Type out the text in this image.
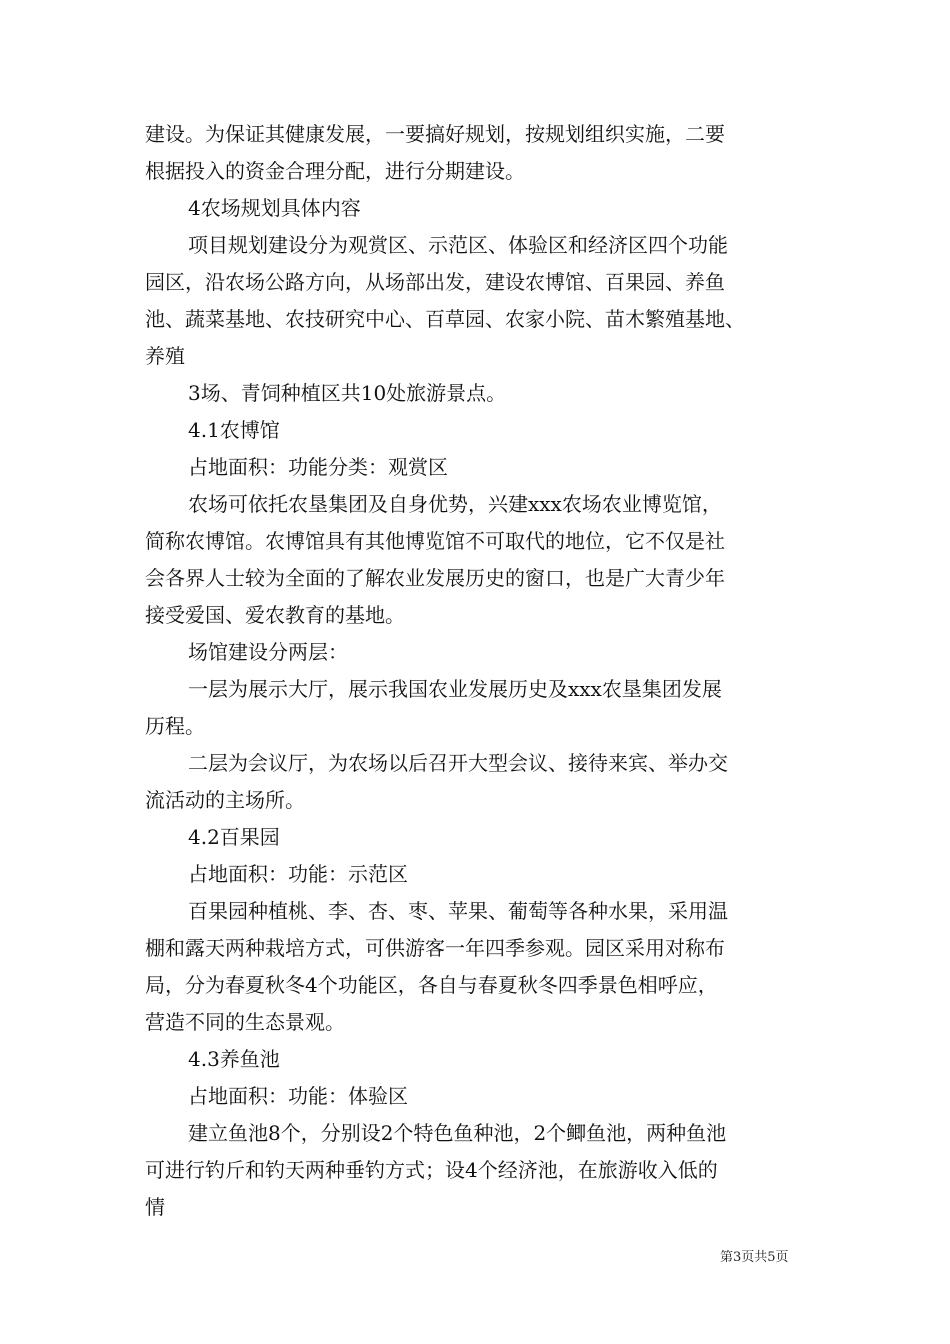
建设。为保证其健康发展，一要搞好规划，按规划组织实施，二要

根据投入的资金合理分配，进行分期建设。

4农场规划具体内容

项目规划建设分为观赏区、示范区、体验区和经济区四个功能

园区，沿农场公路方向，从场部出发，建设农博馆、百果园、养鱼

池、蔬菜基地、农技研究中心、百草园、农家小院、苗木繁殖基地、

养殖

3场、青饲种植区共10处旅游景点。

4.1农博馆

占地面积：功能分类：观赏区

农场可依托农垦集团及自身优势，兴建xxx农场农业博览馆，

简称农博馆。农博馆具有其他博览馆不可取代的地位，它不仅是社

会各界人士较为全面的了解农业发展历史的窗口，也是广大青少年

接受爱国、爱农教育的基地。

场馆建设分两层：

一层为展示大厅，展示我国农业发展历史及xxx农垦集团发展

历程。

二层为会议厅，为农场以后召开大型会议、接待来宾、举办交

流活动的主场所。

4.2百果园

占地面积：功能：示范区

百果园种植桃、李、杏、枣、苹果、葡萄等各种水果，采用温

棚和露天两种栽培方式，可供游客一年四季参观。园区采用对称布

局，分为春夏秋冬4个功能区，各自与春夏秋冬四季景色相呼应，

营造不同的生态景观。

4.3养鱼池

占地面积：功能：体验区

建立鱼池8个，分别设2个特色鱼种池，2个鲫鱼池，两种鱼池

可进行钓斤和钓天两种垂钓方式；设4个经济池，在旅游收入低的

情

第3页共5页
